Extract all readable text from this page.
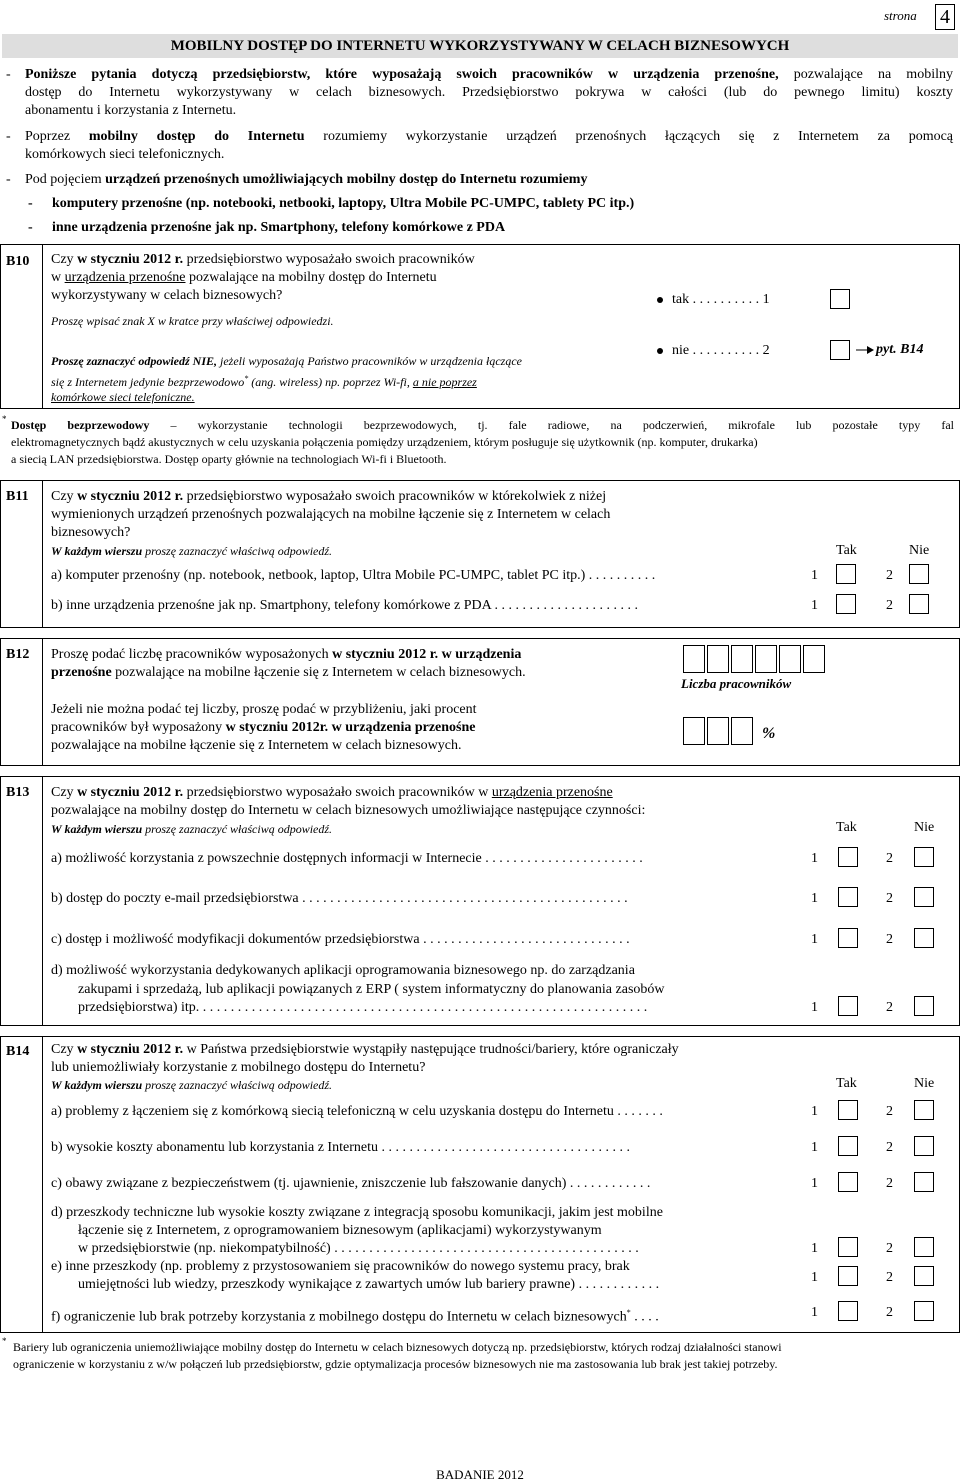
strona 4
MOBILNY DOSTĘP DO INTERNETU WYKORZYSTYWANY W CELACH BIZNESOWYCH
- Poniższe pytania dotyczą przedsiębiorstw, które wyposażają swoich pracowników w urządzenia przenośne, pozwalające na mobilny
dostęp do Internetu wykorzystywany w celach biznesowych. Przedsiębiorstwo pokrywa w całości (lub do pewnego limitu) koszty
abonamentu i korzystania z Internetu.
- Poprzez mobilny dostęp do Internetu rozumiemy wykorzystanie urządzeń przenośnych łączących się z Internetem za pomocą
komórkowych sieci telefonicznych.
- Pod pojęciem urządzeń przenośnych umożliwiających mobilny dostęp do Internetu rozumiemy
- komputery przenośne (np. notebooki, netbooki, laptopy, Ultra Mobile PC-UMPC, tablety PC itp.)
- inne urządzenia przenośne jak np. Smartphony, telefony komórkowe z PDA
B10 Czy w styczniu 2012 r. przedsiębiorstwo wyposażało swoich pracowników
w urządzenia przenośne pozwalające na mobilny dostęp do Internetu
wykorzystywany w celach biznesowych?
Proszę wpisać znak X w kratce przy właściwej odpowiedzi.
Proszę zaznaczyć odpowiedź NIE, jeżeli wyposażają Państwo pracowników w urządzenia łączące
się z Internetem jedynie bezprzewodowo* (ang. wireless) np. poprzez Wi-fi, a nie poprzez
komórkowe sieci telefoniczne.
tak . . . . . . . . . . 1
nie . . . . . . . . . . 2	pyt. B14
* Dostęp bezprzewodowy – wykorzystanie technologii bezprzewodowych, tj. fale radiowe, na podczerwień, mikrofale lub pozostałe typy fal
elektromagnetycznych bądź akustycznych w celu uzyskania połączenia pomiędzy urządzeniem, którym posługuje się użytkownik (np. komputer, drukarka)
a siecią LAN przedsiębiorstwa. Dostęp oparty głównie na technologiach Wi-fi i Bluetooth.
B11 Czy w styczniu 2012 r. przedsiębiorstwo wyposażało swoich pracowników w którekolwiek z niżej
wymienionych urządzeń przenośnych pozwalających na mobilne łączenie się z Internetem w celach
biznesowych?
W każdym wierszu proszę zaznaczyć właściwą odpowiedź.	Tak	Nie
a) komputer przenośny (np. notebook, netbook, laptop, Ultra Mobile PC-UMPC, tablet PC itp.) . . . . . . . . . .	1	2
b) inne urządzenia przenośne jak np. Smartphony, telefony komórkowe z PDA . . . . . . . . . . . . . . . . . . . . .	1	2
B12 Proszę podać liczbę pracowników wyposażonych w styczniu 2012 r. w urządzenia
przenośne pozwalające na mobilne łączenie się z Internetem w celach biznesowych.
Jeżeli nie można podać tej liczby, proszę podać w przybliżeniu, jaki procent
pracowników był wyposażony w styczniu 2012r. w urządzenia przenośne
pozwalające na mobilne łączenie się z Internetem w celach biznesowych.
Liczba pracowników
%
B13 Czy w styczniu 2012 r. przedsiębiorstwo wyposażało swoich pracowników w urządzenia przenośne
pozwalające na mobilny dostęp do Internetu w celach biznesowych umożliwiające następujące czynności:
W każdym wierszu proszę zaznaczyć właściwą odpowiedź.	Tak	Nie
a) możliwość korzystania z powszechnie dostępnych informacji w Internecie . . . . . . . . . . . . . . . . . . . . . . .	1	2
b) dostęp do poczty e-mail przedsiębiorstwa . . . . . . . . . . . . . . . . . . . . . . . . . . . . . . . . . . . . . . . . . . . . . . .	1	2
c) dostęp i możliwość modyfikacji dokumentów przedsiębiorstwa . . . . . . . . . . . . . . . . . . . . . . . . . . . . . .	1	2
d) możliwość wykorzystania dedykowanych aplikacji oprogramowania biznesowego np. do zarządzania
zakupami i sprzedażą, lub aplikacji powiązanych z ERP ( system informatyczny do planowania zasobów
przedsiębiorstwa) itp. . . . . . . . . . . . . . . . . . . . . . . . . . . . . . . . . . . . . . . . . . . . . . . . . . . . . . . . . . . . . . . . .	1	2
B14 Czy w styczniu 2012 r. w Państwa przedsiębiorstwie wystąpiły następujące trudności/bariery, które ograniczały
lub uniemożliwiały korzystanie z mobilnego dostępu do Internetu?
W każdym wierszu proszę zaznaczyć właściwą odpowiedź.	Tak	Nie
a) problemy z łączeniem się z komórkową siecią telefoniczną w celu uzyskania dostępu do Internetu . . . . . . .	1	2
b) wysokie koszty abonamentu lub korzystania z Internetu . . . . . . . . . . . . . . . . . . . . . . . . . . . . . . . . . . . .	1	2
c) obawy związane z bezpieczeństwem (tj. ujawnienie, zniszczenie lub fałszowanie danych) . . . . . . . . . . . .	1	2
d) przeszkody techniczne lub wysokie koszty związane z integracją sposobu komunikacji, jakim jest mobilne
łączenie się z Internetem, z oprogramowaniem biznesowym (aplikacjami) wykorzystywanym
w przedsiębiorstwie (np. niekompatybilność) . . . . . . . . . . . . . . . . . . . . . . . . . . . . . . . . . . . . . . . . . . . .	1	2
e) inne przeszkody (np. problemy z przystosowaniem się pracowników do nowego systemu pracy, brak
umiejętności lub wiedzy, przeszkody wynikające z zawartych umów lub bariery prawne) . . . . . . . . . . . .	1	2
f) ograniczenie lub brak potrzeby korzystania z mobilnego dostępu do Internetu w celach biznesowych* . . . .	1	2
* Bariery lub ograniczenia uniemożliwiające mobilny dostęp do Internetu w celach biznesowych dotyczą np. przedsiębiorstw, których rodzaj działalności stanowi
ograniczenie w korzystaniu z w/w połączeń lub przedsiębiorstw, gdzie optymalizacja procesów biznesowych nie ma zastosowania lub brak jest takiej potrzeby.
BADANIE 2012
